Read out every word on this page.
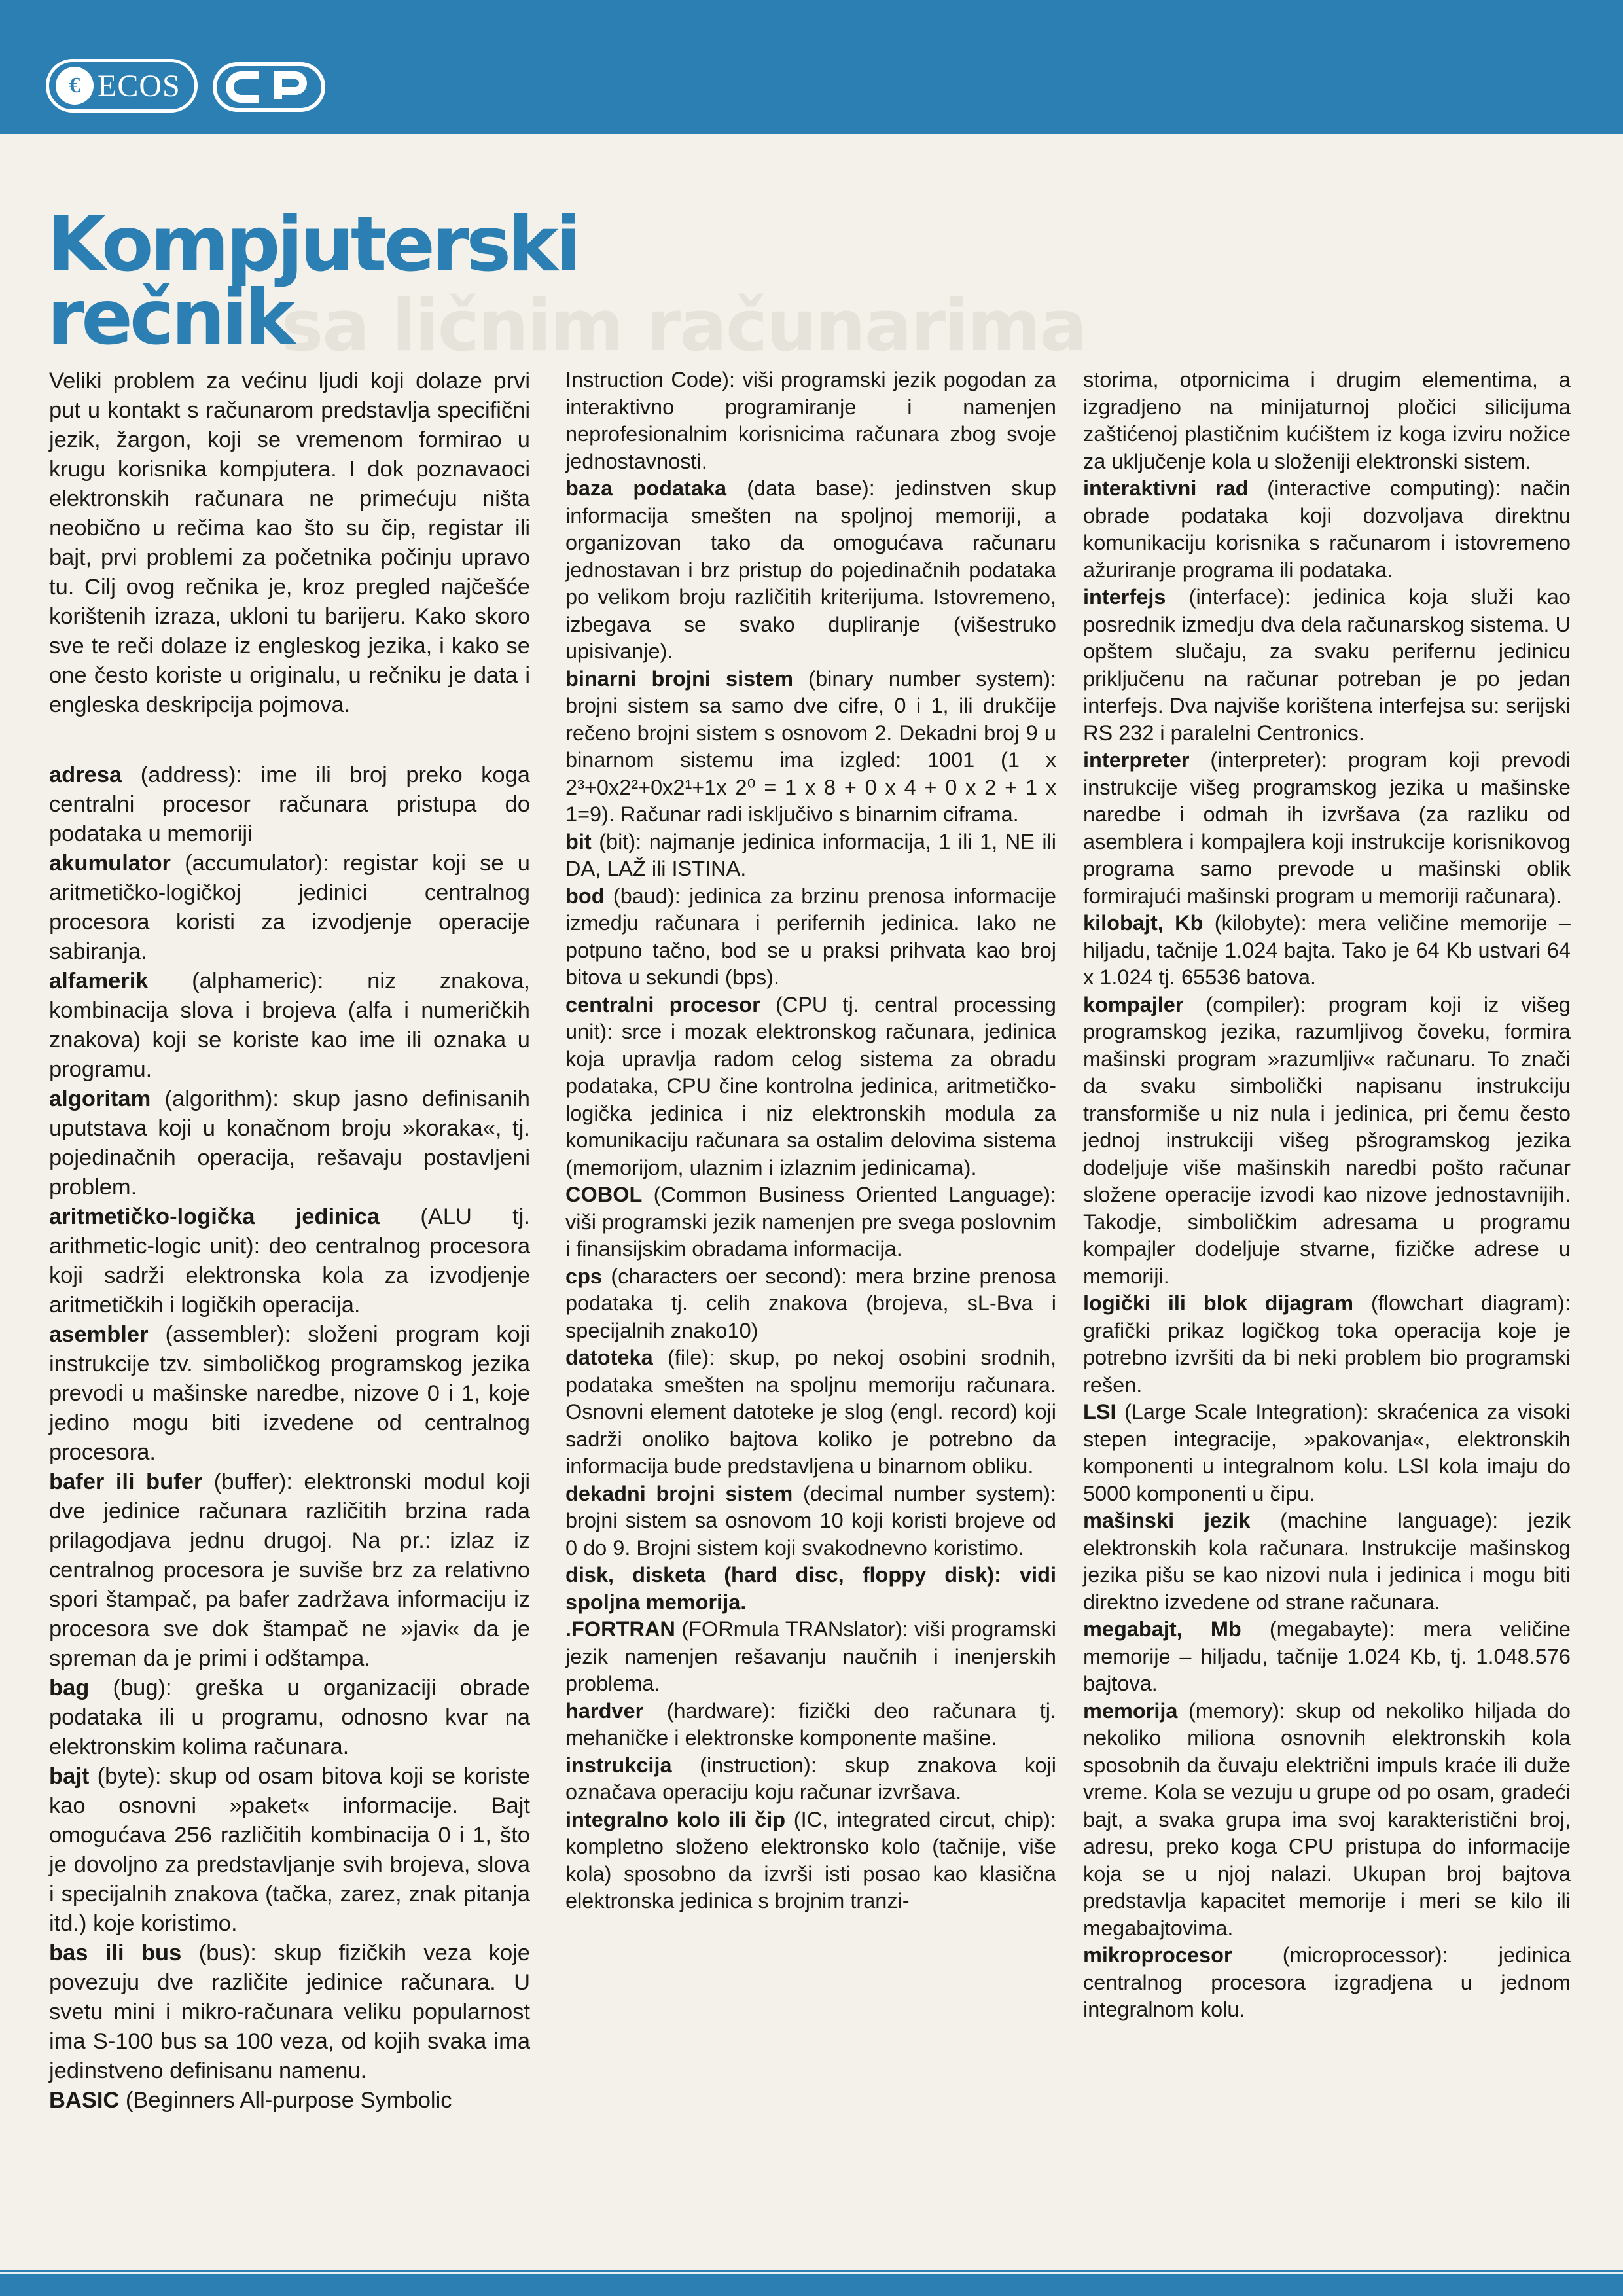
€ ECOS
sa ličnim računarima
Kompjuterski
rečnik

Veliki problem za većinu ljudi koji dolaze prvi put u kontakt s računarom predstavlja specifični jezik, žargon, koji se vremenom formirao u krugu korisnika kompjutera. I dok poznavaoci elektronskih računara ne primećuju ništa neobično u rečima kao što su čip, registar ili bajt, prvi problemi za početnika počinju upravo tu. Cilj ovog rečnika je, kroz pregled najčešće korištenih izraza, ukloni tu barijeru. Kako skoro sve te reči dolaze iz engleskog jezika, i kako se one često koriste u originalu, u rečniku je data i engleska deskripcija pojmova.

adresa (address): ime ili broj preko koga centralni procesor računara pristupa do podataka u memoriji

akumulator (accumulator): registar koji se u aritmetičko-logičkoj jedinici centralnog procesora koristi za izvodjenje operacije sabiranja.

alfamerik (alphameric): niz znakova, kombinacija slova i brojeva (alfa i numeričkih znakova) koji se koriste kao ime ili oznaka u programu.

algoritam (algorithm): skup jasno definisanih uputstava koji u konačnom broju »koraka«, tj. pojedinačnih operacija, rešavaju postavljeni problem.

aritmetičko-logička jedinica (ALU tj. arithmetic-logic unit): deo centralnog procesora koji sadrži elektronska kola za izvodjenje aritmetičkih i logičkih operacija.

asembler (assembler): složeni program koji instrukcije tzv. simboličkog programskog jezika prevodi u mašinske naredbe, nizove 0 i 1, koje jedino mogu biti izvedene od centralnog procesora.

bafer ili bufer (buffer): elektronski modul koji dve jedinice računara različitih brzina rada prilagodjava jednu drugoj. Na pr.: izlaz iz centralnog procesora je suviše brz za relativno spori štampač, pa bafer zadržava informaciju iz procesora sve dok štampač ne »javi« da je spreman da je primi i odštampa.

bag (bug): greška u organizaciji obrade podataka ili u programu, odnosno kvar na elektronskim kolima računara.

bajt (byte): skup od osam bitova koji se koriste kao osnovni »paket« informacije. Bajt omogućava 256 različitih kombinacija 0 i 1, što je dovoljno za predstavljanje svih brojeva, slova i specijalnih znakova (tačka, zarez, znak pitanja itd.) koje koristimo.

bas ili bus (bus): skup fizičkih veza koje povezuju dve različite jedinice računara. U svetu mini i mikro-računara veliku popularnost ima S-100 bus sa 100 veza, od kojih svaka ima jedinstveno definisanu namenu.

BASIC (Beginners All-purpose Symbolic

Instruction Code): viši programski jezik pogodan za interaktivno programiranje i namenjen neprofesionalnim korisnicima računara zbog svoje jednostavnosti.

baza podataka (data base): jedinstven skup informacija smešten na spoljnoj memoriji, a organizovan tako da omogućava računaru jednostavan i brz pristup do pojedinačnih podataka po velikom broju različitih kriterijuma. Istovremeno, izbegava se svako dupliranje (višestruko upisivanje).

binarni brojni sistem (binary number system): brojni sistem sa samo dve cifre, 0 i 1, ili drukčije rečeno brojni sistem s osnovom 2. Dekadni broj 9 u binarnom sistemu ima izgled: 1001 (1 x 2³+0x2²+0x2¹+1x 2⁰ = 1 x 8 + 0 x 4 + 0 x 2 + 1 x 1=9). Računar radi isključivo s binarnim ciframa.

bit (bit): najmanje jedinica informacija, 1 ili 1, NE ili DA, LAŽ ili ISTINA.

bod (baud): jedinica za brzinu prenosa informacije izmedju računara i perifernih jedinica. Iako ne potpuno tačno, bod se u praksi prihvata kao broj bitova u sekundi (bps).

centralni procesor (CPU tj. central processing unit): srce i mozak elektronskog računara, jedinica koja upravlja radom celog sistema za obradu podataka, CPU čine kontrolna jedinica, aritmetičko-logička jedinica i niz elektronskih modula za komunikaciju računara sa ostalim delovima sistema (memorijom, ulaznim i izlaznim jedinicama).

COBOL (Common Business Oriented Language): viši programski jezik namenjen pre svega poslovnim i finansijskim obradama informacija.

cps (characters oer second): mera brzine prenosa podataka tj. celih znakova (brojeva, sL-Bva i specijalnih znako10)

datoteka (file): skup, po nekoj osobini srodnih, podataka smešten na spoljnu memoriju računara. Osnovni element datoteke je slog (engl. record) koji sadrži onoliko bajtova koliko je potrebno da informacija bude predstavljena u binarnom obliku.

dekadni brojni sistem (decimal number system): brojni sistem sa osnovom 10 koji koristi brojeve od 0 do 9. Brojni sistem koji svakodnevno koristimo.

disk, disketa (hard disc, floppy disk): vidi spoljna memorija.

.FORTRAN (FORmula TRANslator): viši programski jezik namenjen rešavanju naučnih i inenjerskih problema.

hardver (hardware): fizički deo računara tj. mehaničke i elektronske komponente mašine.

instrukcija (instruction): skup znakova koji označava operaciju koju računar izvršava.

integralno kolo ili čip (IC, integrated circut, chip): kompletno složeno elektronsko kolo (tačnije, više kola) sposobno da izvrši isti posao kao klasična elektronska jedinica s brojnim tranzi-

storima, otpornicima i drugim elementima, a izgradjeno na minijaturnoj pločici silicijuma zaštićenoj plastičnim kućištem iz koga izviru nožice za uključenje kola u složeniji elektronski sistem.

interaktivni rad (interactive computing): način obrade podataka koji dozvoljava direktnu komunikaciju korisnika s računarom i istovremeno ažuriranje programa ili podataka.

interfejs (interface): jedinica koja služi kao posrednik izmedju dva dela računarskog sistema. U opštem slučaju, za svaku perifernu jedinicu priključenu na računar potreban je po jedan interfejs. Dva najviše korištena interfejsa su: serijski RS 232 i paralelni Centronics.

interpreter (interpreter): program koji prevodi instrukcije višeg programskog jezika u mašinske naredbe i odmah ih izvršava (za razliku od asemblera i kompajlera koji instrukcije korisnikovog programa samo prevode u mašinski oblik formirajući mašinski program u memoriji računara).

kilobajt, Kb (kilobyte): mera veličine memorije – hiljadu, tačnije 1.024 bajta. Tako je 64 Kb ustvari 64 x 1.024 tj. 65536 batova.

kompajler (compiler): program koji iz višeg programskog jezika, razumljivog čoveku, formira mašinski program »razumljiv« računaru. To znači da svaku simbolički napisanu instrukciju transformiše u niz nula i jedinica, pri čemu često jednoj instrukciji višeg pšrogramskog jezika dodeljuje više mašinskih naredbi pošto računar složene operacije izvodi kao nizove jednostavnijih. Takodje, simboličkim adresama u programu kompajler dodeljuje stvarne, fizičke adrese u memoriji.

logički ili blok dijagram (flowchart diagram): grafički prikaz logičkog toka operacija koje je potrebno izvršiti da bi neki problem bio programski rešen.

LSI (Large Scale Integration): skraćenica za visoki stepen integracije, »pakovanja«, elektronskih komponenti u integralnom kolu. LSI kola imaju do 5000 komponenti u čipu.

mašinski jezik (machine language): jezik elektronskih kola računara. Instrukcije mašinskog jezika pišu se kao nizovi nula i jedinica i mogu biti direktno izvedene od strane računara.

megabajt, Mb (megabayte): mera veličine memorije – hiljadu, tačnije 1.024 Kb, tj. 1.048.576 bajtova.

memorija (memory): skup od nekoliko hiljada do nekoliko miliona osnovnih elektronskih kola sposobnih da čuvaju električni impuls kraće ili duže vreme. Kola se vezuju u grupe od po osam, gradeći bajt, a svaka grupa ima svoj karakteristični broj, adresu, preko koga CPU pristupa do informacije koja se u njoj nalazi. Ukupan broj bajtova predstavlja kapacitet memorije i meri se kilo ili megabajtovima.

mikroprocesor (microprocessor): jedinica centralnog procesora izgradjena u jednom integralnom kolu.
